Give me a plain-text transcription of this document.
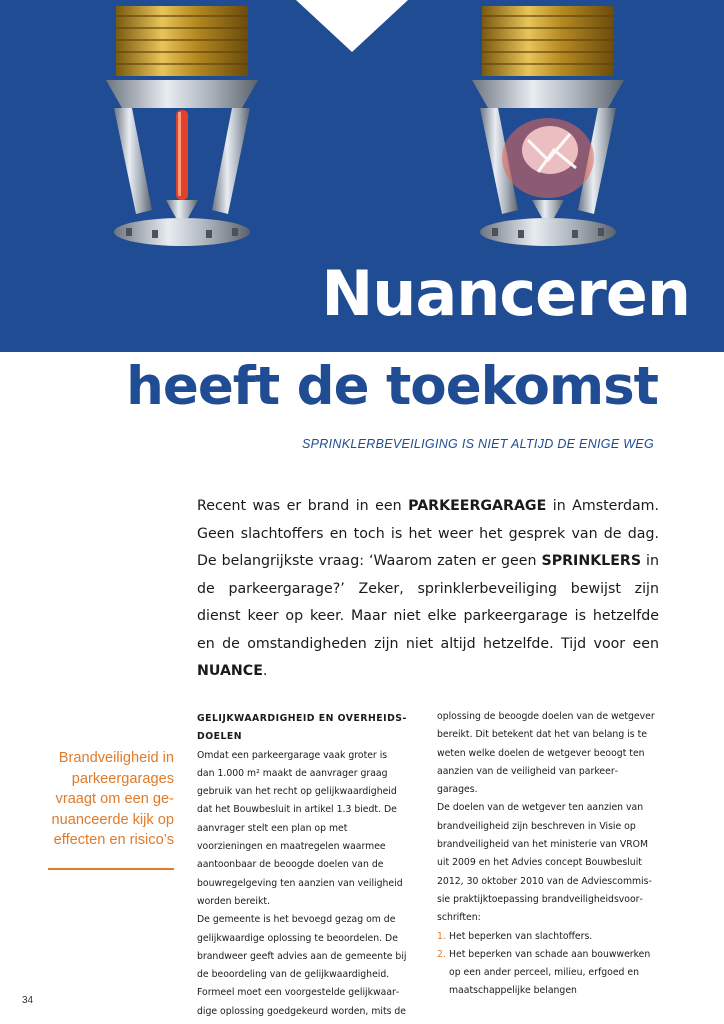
Nuanceren
heeft de toekomst
SPRINKLERBEVEILIGING IS NIET ALTIJD DE ENIGE WEG

Recent was er brand in een PARKEERGARAGE in Amsterdam. Geen slachtoffers en toch is het weer het gesprek van de dag. De belangrijkste vraag: ‘Waarom zaten er geen SPRINKLERS in de parkeergarage?’ Zeker, sprinklerbeveiliging bewijst zijn dienst keer op keer. Maar niet elke parkeergarage is hetzelfde en de omstandigheden zijn niet altijd hetzelfde. Tijd voor een NUANCE.

Brandveiligheid in parkeergarages vraagt om een genuanceerde kijk op effecten en risico’s
GELIJKWAARDIGHEID EN OVERHEIDS-
DOELEN

Omdat een parkeergarage vaak groter is dan 1.000 m² maakt de aanvrager graag gebruik van het recht op gelijkwaardigheid dat het Bouwbesluit in artikel 1.3 biedt. De aanvrager stelt een plan op met voorzieningen en maatregelen waarmee aantoonbaar de beoogde doelen van de bouwregelgeving ten aanzien van veiligheid worden bereikt.

De gemeente is het bevoegd gezag om de gelijkwaardige oplossing te beoordelen. De brandweer geeft advies aan de gemeente bij de beoordeling van de gelijkwaardigheid. Formeel moet een voorgestelde gelijkwaardige oplossing goedgekeurd worden, mits de

oplossing de beoogde doelen van de wetgever bereikt. Dit betekent dat het van belang is te weten welke doelen de wetgever beoogt ten aanzien van de veiligheid van parkeergarages.

De doelen van de wetgever ten aanzien van brandveiligheid zijn beschreven in Visie op brandveiligheid van het ministerie van VROM uit 2009 en het Advies concept Bouwbesluit 2012, 30 oktober 2010 van de Adviescommissie praktijktoepassing brandveiligheidsvoorschriften:

1. Het beperken van slachtoffers.
2. Het beperken van schade aan bouwwerken op een ander perceel, milieu, erfgoed en maatschappelijke belangen
34
